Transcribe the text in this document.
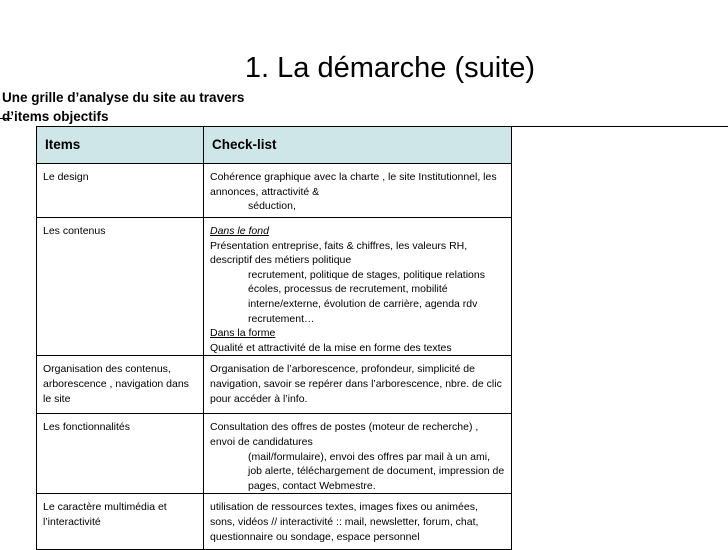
1. La démarche (suite)
Une grille d’analyse du site au travers d’items objectifs
Items	Check-list

Le design	Cohérence graphique avec la charte , le site Institutionnel, les annonces, attractivité &
séduction,

Les contenus	Dans le fond
Présentation entreprise, faits & chiffres, les valeurs RH, descriptif des métiers politique
recrutement, politique de stages, politique relations écoles, processus de recrutement, mobilité interne/externe, évolution de carrière, agenda rdv recrutement…
Dans la forme
Qualité et attractivité de la mise en forme des textes

Organisation des contenus, arborescence , navigation dans le site	Organisation de l’arborescence, profondeur, simplicité de navigation, savoir se repérer dans l’arborescence, nbre. de clic pour accéder à l’info.

Les fonctionnalités	Consultation des offres de postes (moteur de recherche) , envoi de candidatures
(mail/formulaire), envoi des offres par mail à un ami, job alerte, téléchargement de document, impression de pages, contact Webmestre.

Le caractère multimédia et l’interactivité	utilisation de ressources textes, images fixes ou animées, sons, vidéos // interactivité :: mail, newsletter, forum, chat, questionnaire ou sondage, espace personnel
